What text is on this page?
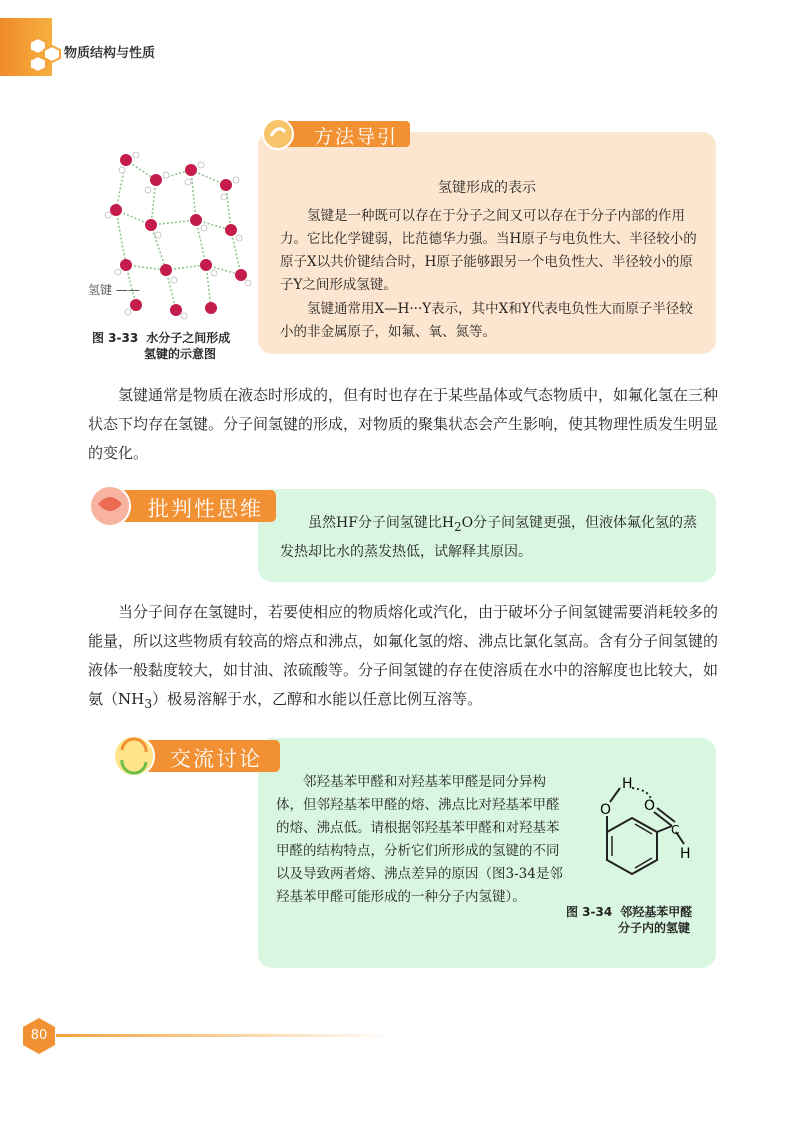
物质结构与性质
氢键 ——
图 3-33 水分子之间形成
氢键的示意图
方法导引
氢键形成的表示

氢键是一种既可以存在于分子之间又可以存在于分子内部的作用力。它比化学键弱，比范德华力强。当H原子与电负性大、半径较小的原子X以共价键结合时，H原子能够跟另一个电负性大、半径较小的原子Y之间形成氢键。

氢键通常用X—H···Y表示，其中X和Y代表电负性大而原子半径较小的非金属原子，如氟、氧、氮等。

氢键通常是物质在液态时形成的，但有时也存在于某些晶体或气态物质中，如氟化氢在三种状态下均存在氢键。分子间氢键的形成，对物质的聚集状态会产生影响，使其物理性质发生明显的变化。

批判性思维

虽然HF分子间氢键比$H_2O$分子间氢键更强，但液体氟化氢的蒸发热却比水的蒸发热低，试解释其原因。

当分子间存在氢键时，若要使相应的物质熔化或汽化，由于破坏分子间氢键需要消耗较多的能量，所以这些物质有较高的熔点和沸点，如氟化氢的熔、沸点比氯化氢高。含有分子间氢键的液体一般黏度较大，如甘油、浓硫酸等。分子间氢键的存在使溶质在水中的溶解度也比较大，如氨$(NH_3)$极易溶解于水，乙醇和水能以任意比例互溶等。

交流讨论

邻羟基苯甲醛和对羟基苯甲醛是同分异构体，但邻羟基苯甲醛的熔、沸点比对羟基苯甲醛的熔、沸点低。请根据邻羟基苯甲醛和对羟基苯甲醛的结构特点，分析它们所形成的氢键的不同以及导致两者熔、沸点差异的原因（图3-34是邻羟基苯甲醛可能形成的一种分子内氢键）。

H
O O
C
H
图 3-34 邻羟基苯甲醛
分子内的氢键
80
